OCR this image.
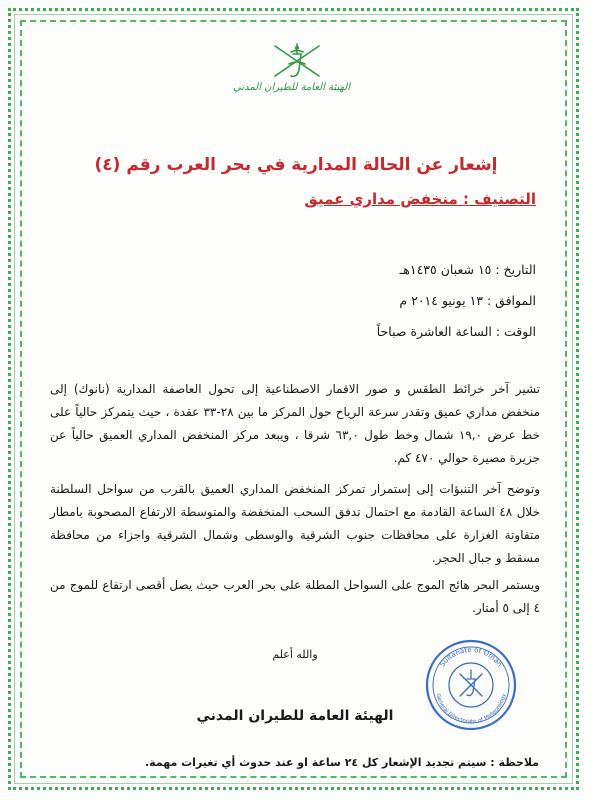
الهيئة العامة للطيران المدني
إشعار عن الحالة المدارية في بحر العرب رقم (٤)
التصنيف : منخفض مداري عميق
التاريخ : ١٥ شعبان ١٤٣٥هـ
الموافق : ١٣ يونيو ٢٠١٤ م
الوقت : الساعة العاشرة صباحاً
تشير آخر خرائط الطقس و صور الاقمار الاصطناعية إلى تحول العاصفة المدارية (نانوك) إلى منخفض مداري عميق وتقدر سرعة الرياح حول المركز ما بين ٢٨-٣٣ عقدة ، حيث يتمركز حالياً على خط عرض ١٩,٠ شمال وخط طول ٦٣,٠ شرقا ، ويبعد مركز المنخفض المداري العميق حالياً عن جزيرة مصيرة حوالي ٤٧٠ كم.
وتوضح آخر التنبؤات إلى إستمرار تمركز المنخفض المداري العميق بالقرب من سواحل السلطنة خلال ٤٨ الساعة القادمة مع احتمال تدفق السحب المنخفضة والمتوسطة الارتفاع المصحوبة بامطار متفاوتة الغزارة على محافظات جنوب الشرقية والوسطى وشمال الشرقية واجزاء من محافظة مسقط و جبال الحجر.
ويستمر البحر هائج الموج على السواحل المطلة على بحر العرب حيث يصل أقصى ارتفاع للموج من ٤ إلى ٥ أمتار.
والله أعلم
Sultanate of Oman
General Directorate of Meteorology
الهيئة العامة للطيران المدني
ملاحظة : سيتم تجديد الإشعار كل ٢٤ ساعة او عند حدوث أي تغيرات مهمة.
